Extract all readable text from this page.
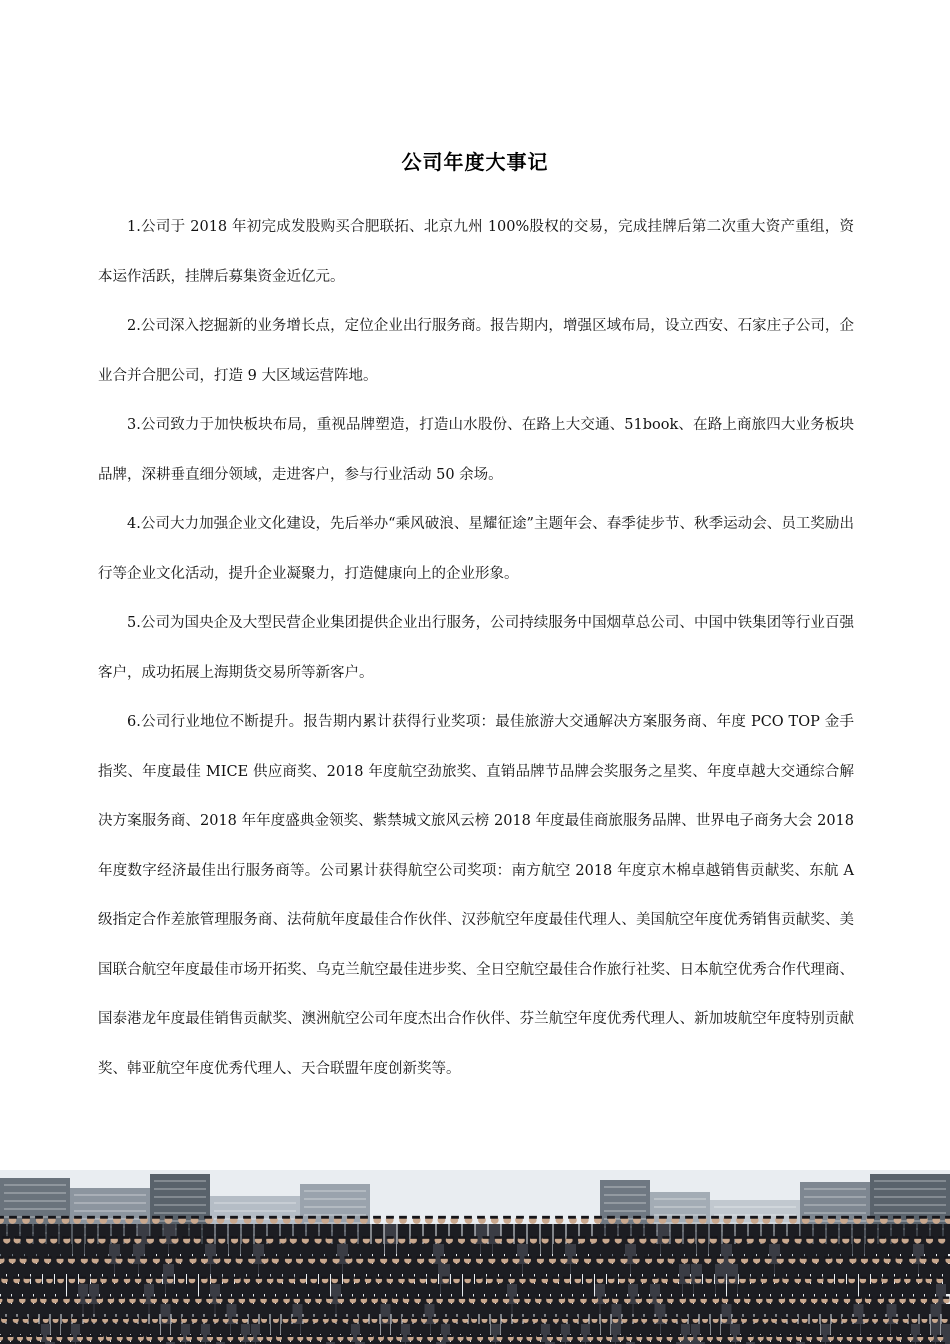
公司年度大事记

1.公司于 2018 年初完成发股购买合肥联拓、北京九州 100%股权的交易，完成挂牌后第二次重大资产重组，资本运作活跃，挂牌后募集资金近亿元。

2.公司深入挖掘新的业务增长点，定位企业出行服务商。报告期内，增强区域布局，设立西安、石家庄子公司，企业合并合肥公司，打造 9 大区域运营阵地。

3.公司致力于加快板块布局，重视品牌塑造，打造山水股份、在路上大交通、51book、在路上商旅四大业务板块品牌，深耕垂直细分领域，走进客户，参与行业活动 50 余场。

4.公司大力加强企业文化建设，先后举办“乘风破浪、星耀征途”主题年会、春季徒步节、秋季运动会、员工奖励出行等企业文化活动，提升企业凝聚力，打造健康向上的企业形象。

5.公司为国央企及大型民营企业集团提供企业出行服务，公司持续服务中国烟草总公司、中国中铁集团等行业百强客户，成功拓展上海期货交易所等新客户。

6.公司行业地位不断提升。报告期内累计获得行业奖项：最佳旅游大交通解决方案服务商、年度 PCO TOP 金手指奖、年度最佳 MICE 供应商奖、2018 年度航空劲旅奖、直销品牌节品牌会奖服务之星奖、年度卓越大交通综合解决方案服务商、2018 年年度盛典金领奖、紫禁城文旅风云榜 2018 年度最佳商旅服务品牌、世界电子商务大会 2018 年度数字经济最佳出行服务商等。公司累计获得航空公司奖项：南方航空 2018 年度京木棉卓越销售贡献奖、东航 A 级指定合作差旅管理服务商、法荷航年度最佳合作伙伴、汉莎航空年度最佳代理人、美国航空年度优秀销售贡献奖、美国联合航空年度最佳市场开拓奖、乌克兰航空最佳进步奖、全日空航空最佳合作旅行社奖、日本航空优秀合作代理商、国泰港龙年度最佳销售贡献奖、澳洲航空公司年度杰出合作伙伴、芬兰航空年度优秀代理人、新加坡航空年度特别贡献奖、韩亚航空年度优秀代理人、天合联盟年度创新奖等。
